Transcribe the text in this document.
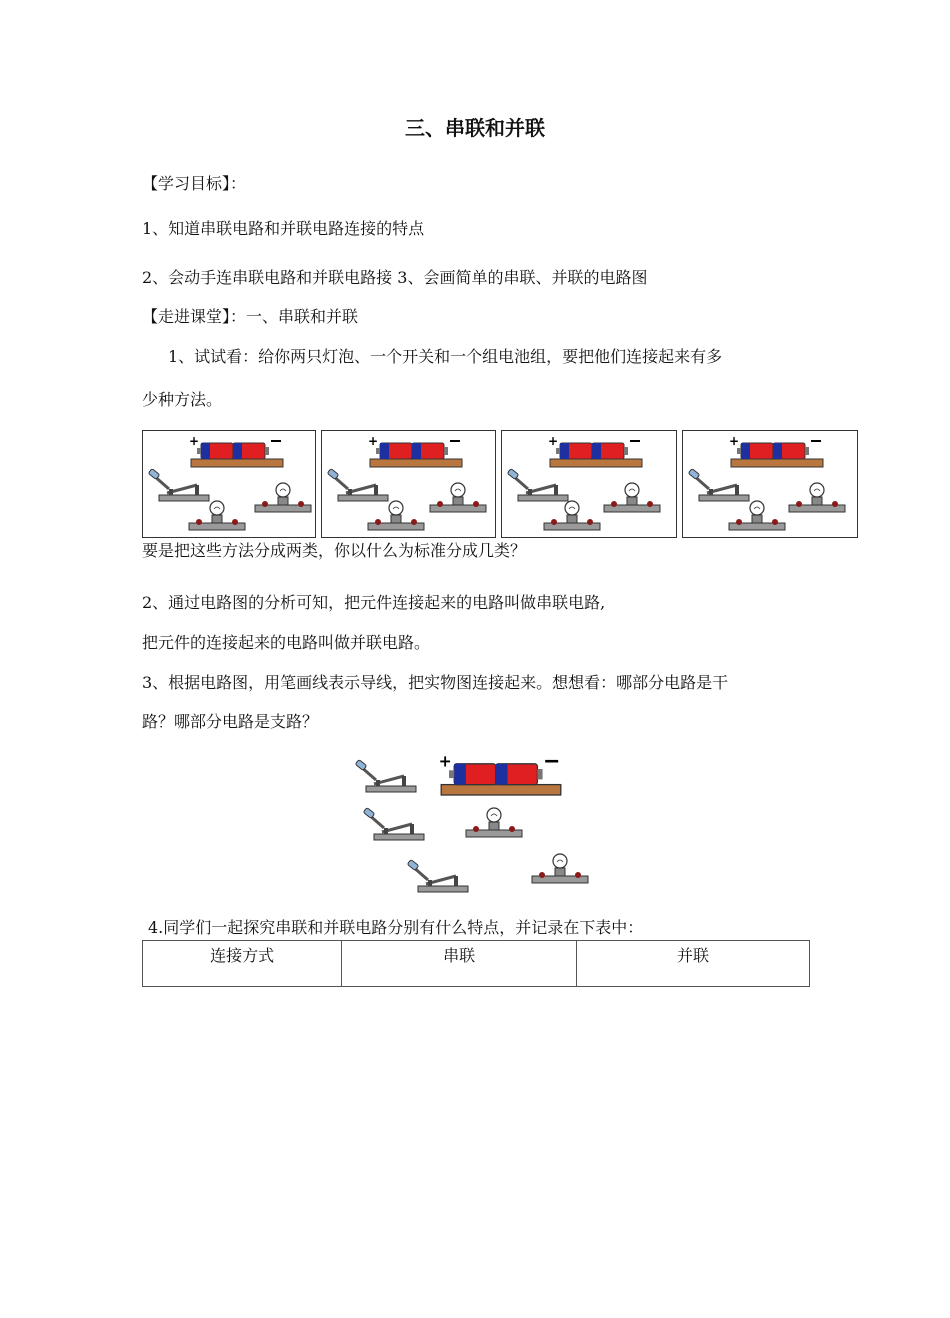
三、串联和并联
【学习目标】：
1、知道串联电路和并联电路连接的特点
2、会动手连串联电路和并联电路接 3、会画简单的串联、并联的电路图
【走进课堂】：一、串联和并联
1、试试看：给你两只灯泡、一个开关和一个组电池组，要把他们连接起来有多
少种方法。
要是把这些方法分成两类，你以什么为标准分成几类？
2、通过电路图的分析可知，把元件连接起来的电路叫做串联电路,
把元件的连接起来的电路叫做并联电路。
3、根据电路图，用笔画线表示导线，把实物图连接起来。想想看：哪部分电路是干
路？哪部分电路是支路？
4.同学们一起探究串联和并联电路分别有什么特点，并记录在下表中：
连接方式	串联	并联
